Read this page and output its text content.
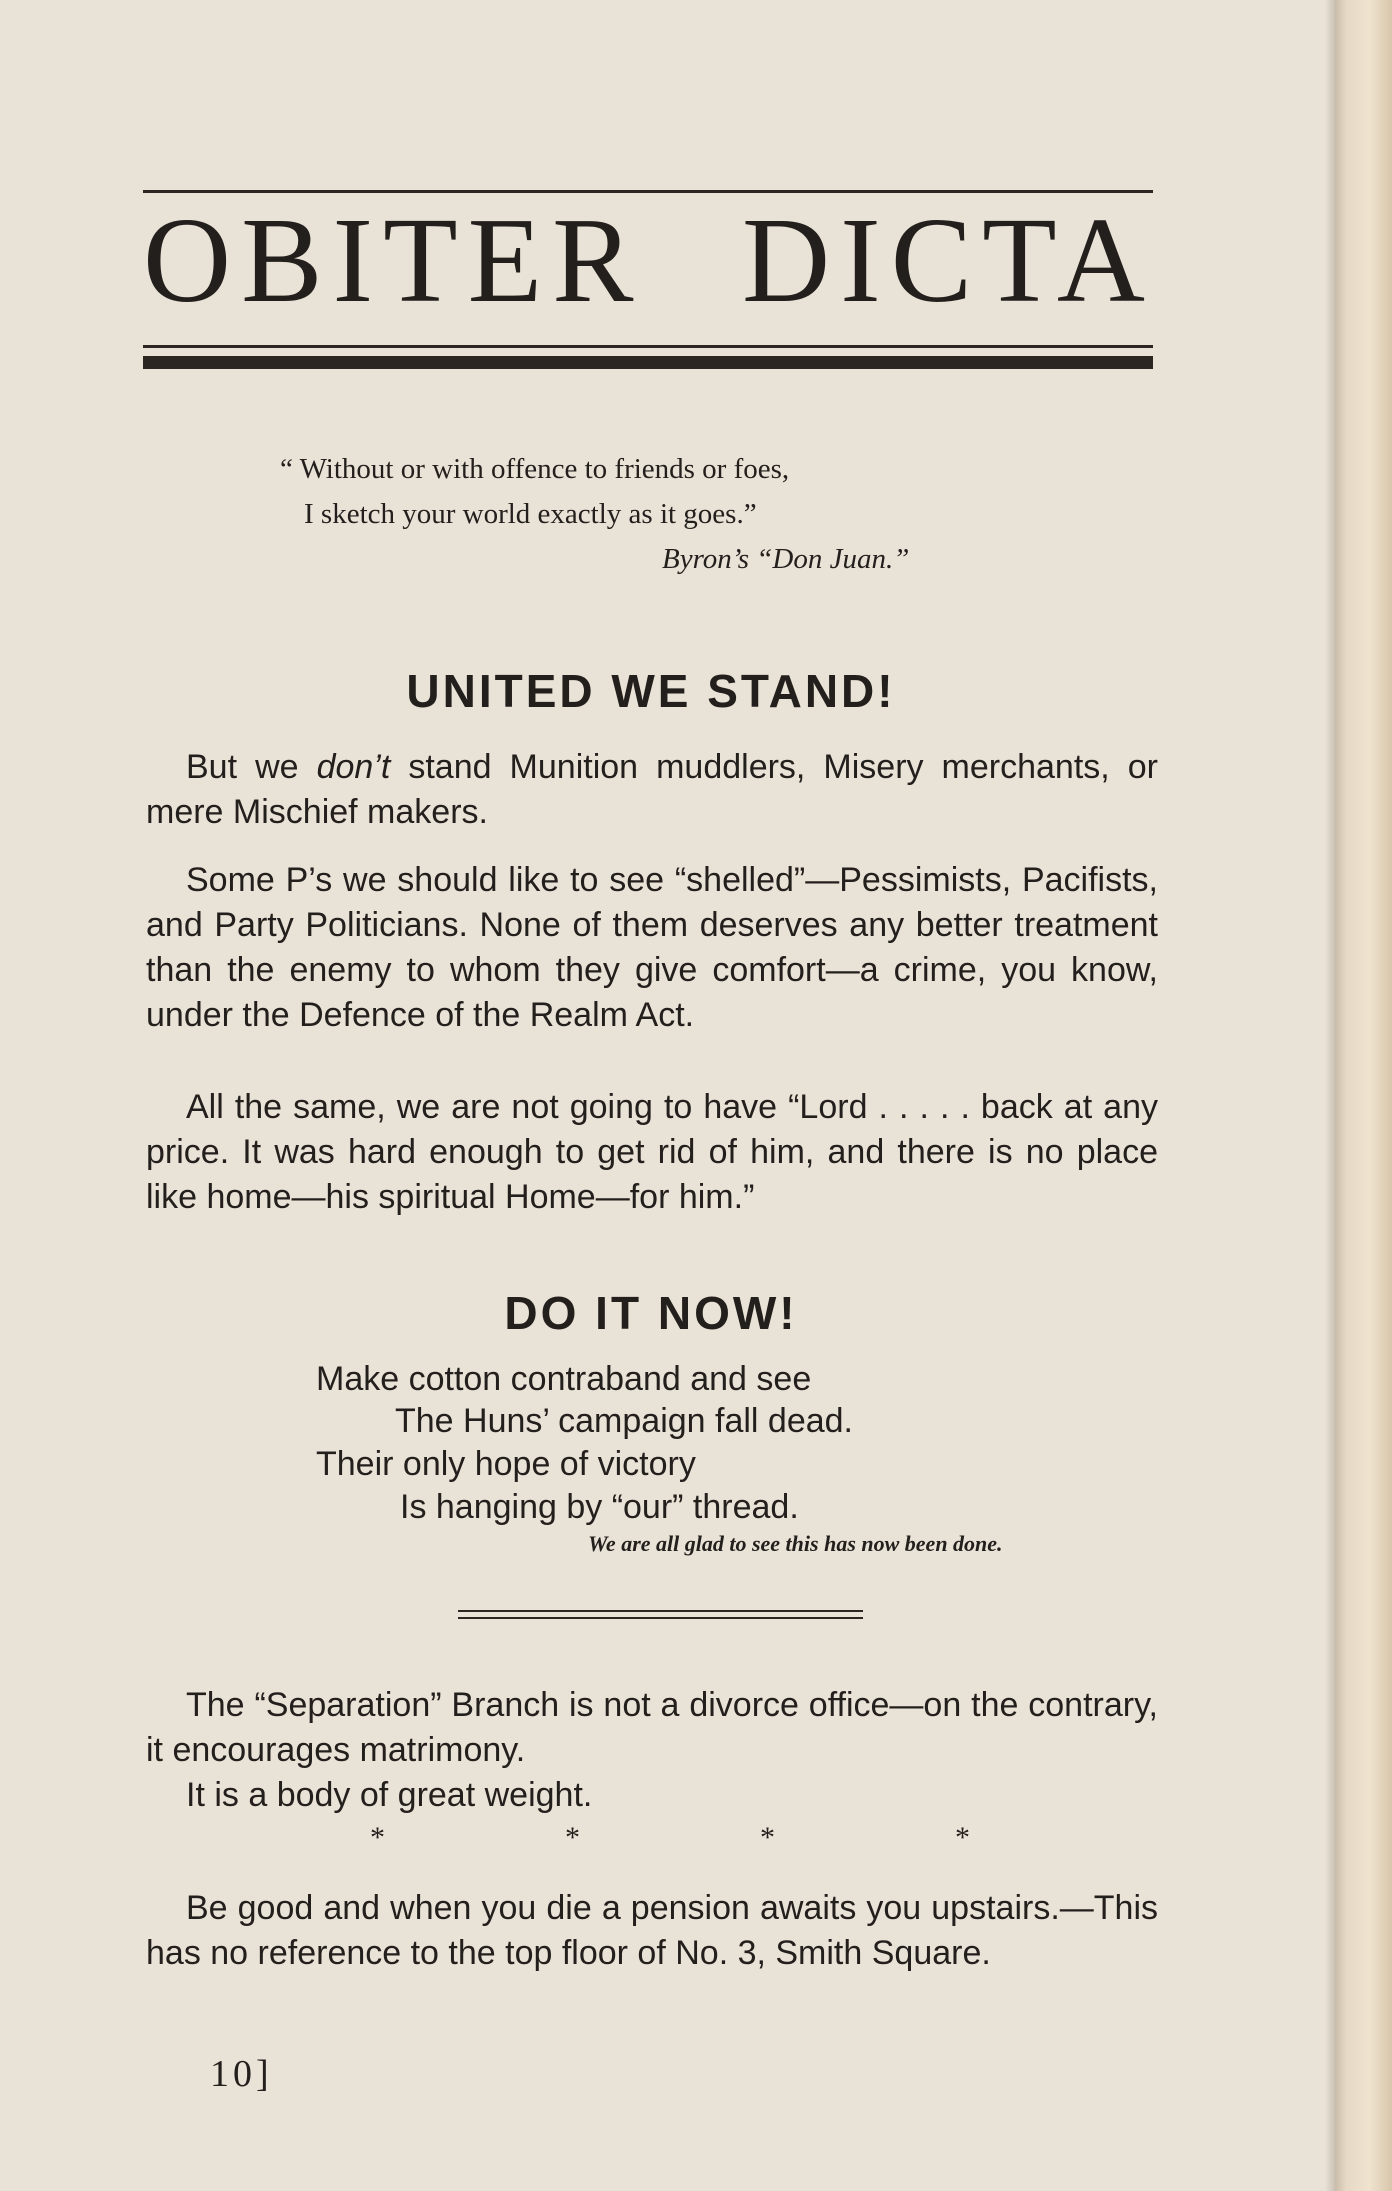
OBITER DICTA
“ Without or with offence to friends or foes,
I sketch your world exactly as it goes.”
Byron’s “Don Juan.”
UNITED WE STAND!

But we don’t stand Munition muddlers, Misery merchants, or mere Mischief makers.

Some P’s we should like to see “shelled”—Pessimists, Pacifists, and Party Politicians. None of them deserves any better treatment than the enemy to whom they give comfort—a crime, you know, under the Defence of the Realm Act.

All the same, we are not going to have “Lord . . . . . back at any price. It was hard enough to get rid of him, and there is no place like home—his spiritual Home—for him.”

DO IT NOW!
Make cotton contraband and see
The Huns’ campaign fall dead.
Their only hope of victory
Is hanging by “our” thread.
We are all glad to see this has now been done.

The “Separation” Branch is not a divorce office—on the contrary, it encourages matrimony.

It is a body of great weight.

*	*	*	*

Be good and when you die a pension awaits you upstairs.—This has no reference to the top floor of No. 3, Smith Square.

10]
